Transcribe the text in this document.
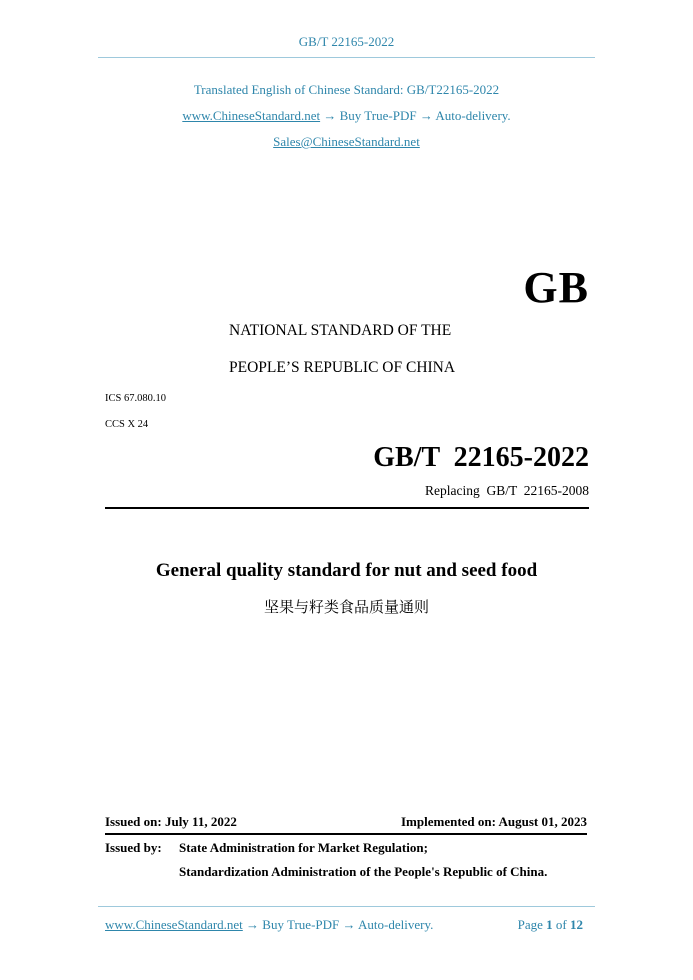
GB/T 22165-2022
Translated English of Chinese Standard: GB/T22165-2022
www.ChineseStandard.net → Buy True-PDF → Auto-delivery.
Sales@ChineseStandard.net
GB
NATIONAL STANDARD OF THE
PEOPLE’S REPUBLIC OF CHINA
ICS 67.080.10
CCS X 24
GB/T  22165-2022
Replacing  GB/T  22165-2008
General quality standard for nut and seed food
坚果与籽类食品质量通则
Issued on: July 11, 2022	Implemented on: August 01, 2023
Issued by: State Administration for Market Regulation;
Standardization Administration of the People's Republic of China.
www.ChineseStandard.net → Buy True-PDF → Auto-delivery.	Page 1 of 12
